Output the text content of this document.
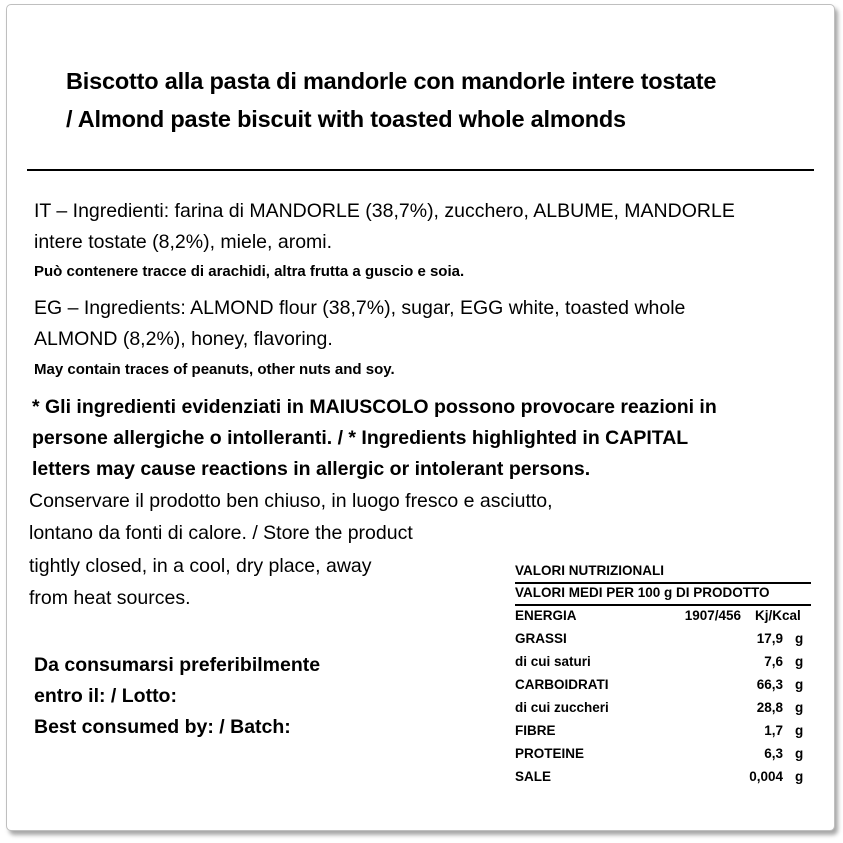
Biscotto alla pasta di mandorle con mandorle intere tostate
/ Almond paste biscuit with toasted whole almonds
IT – Ingredienti: farina di MANDORLE (38,7%), zucchero, ALBUME, MANDORLE
intere tostate (8,2%), miele, aromi.
Può contenere tracce di arachidi, altra frutta a guscio e soia.
EG – Ingredients: ALMOND flour (38,7%), sugar, EGG white, toasted whole
ALMOND (8,2%), honey, flavoring.
May contain traces of peanuts, other nuts and soy.
* Gli ingredienti evidenziati in MAIUSCOLO possono provocare reazioni in
persone allergiche o intolleranti. / * Ingredients highlighted in CAPITAL
letters may cause reactions in allergic or intolerant persons.
Conservare il prodotto ben chiuso, in luogo fresco e asciutto,
lontano da fonti di calore. / Store the product
tightly closed, in a cool, dry place, away
from heat sources.
Da consumarsi preferibilmente
entro il: / Lotto:
Best consumed by: / Batch:
VALORI NUTRIZIONALI
VALORI MEDI PER 100 g DI PRODOTTO
ENERGIA	1907/456 Kj/Kcal
GRASSI	17,9 g
di cui saturi	7,6 g
CARBOIDRATI	66,3 g
di cui zuccheri	28,8 g
FIBRE	1,7 g
PROTEINE	6,3 g
SALE	0,004 g
